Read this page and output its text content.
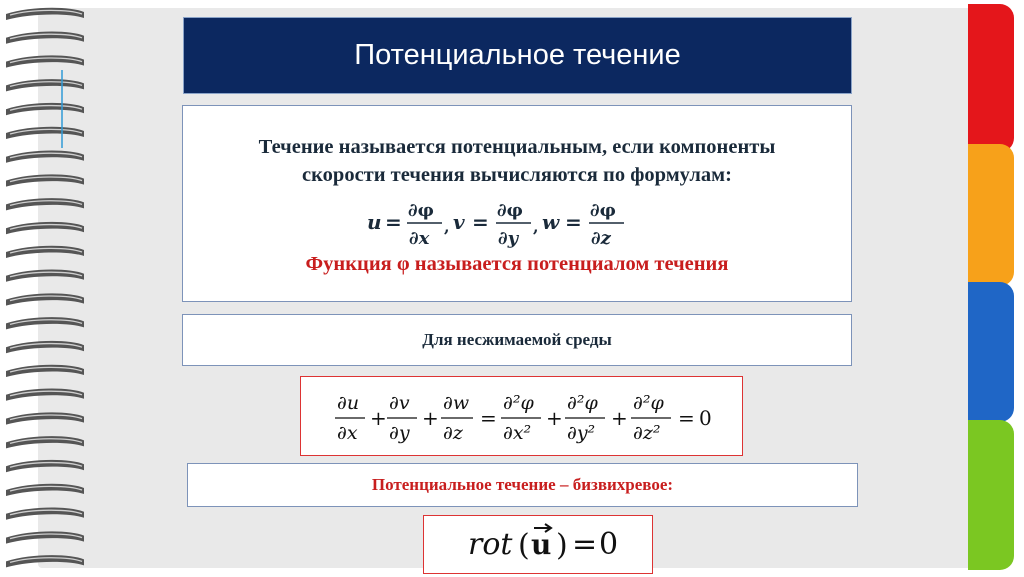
Потенциальное течение
Течение называется потенциальным, если компоненты
скорости течения вычисляются по формулам:
u = ∂φ
∂x
, v = ∂φ
∂y
, w = ∂φ
∂z
Функция φ называется потенциалом течения
Для несжимаемой среды
∂u
∂x
∂v
∂y
∂w
∂z
∂²φ
∂x²
∂²φ
∂y²
∂²φ
∂z²
+ + = + +	= 0
Потенциальное течение – бизвихревое:
rot ( u ) = 0
